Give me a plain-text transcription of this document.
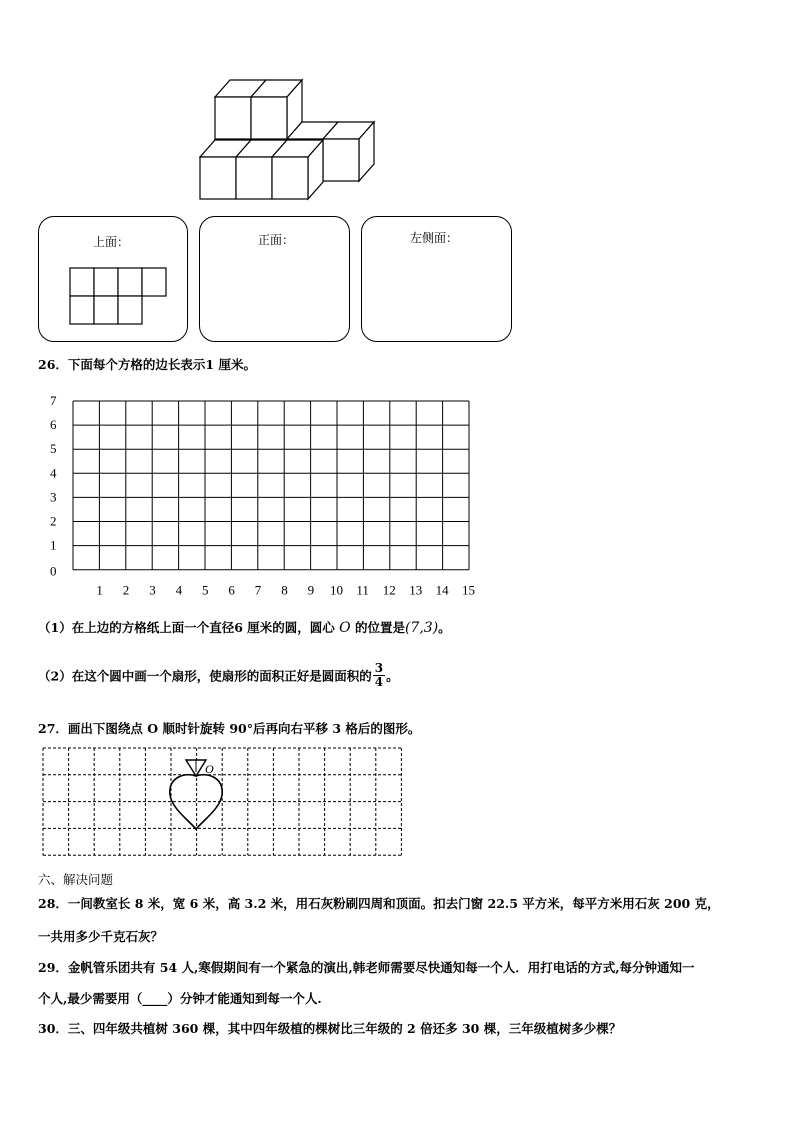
上面：	正面：	左侧面：
26．下面每个方格的边长表示1 厘米。
0
1
2
3
4
5
6
7
1 2 3 4 5 6 7 8 9 10 11 12 13 14 15
（1）在上边的方格纸上面一个直径6 厘米的圆，圆心 O 的位置是(7,3)。
（2）在这个圆中画一个扇形，使扇形的面积正好是圆面积的 $\frac{3}{4}$ 。
27．画出下图绕点 O 顺时针旋转 90°后再向右平移 3 格后的图形。
O
六、解决问题
28．一间教室长 8 米，宽 6 米，高 3.2 米，用石灰粉刷四周和顶面。扣去门窗 22.5 平方米，每平方米用石灰 200 克，
一共用多少千克石灰？
29．金帆管乐团共有 54 人,寒假期间有一个紧急的演出,韩老师需要尽快通知每一个人．用打电话的方式,每分钟通知一
个人,最少需要用（____）分钟才能通知到每一个人.
30．三、四年级共植树 360 棵，其中四年级植的棵树比三年级的 2 倍还多 30 棵，三年级植树多少棵？
